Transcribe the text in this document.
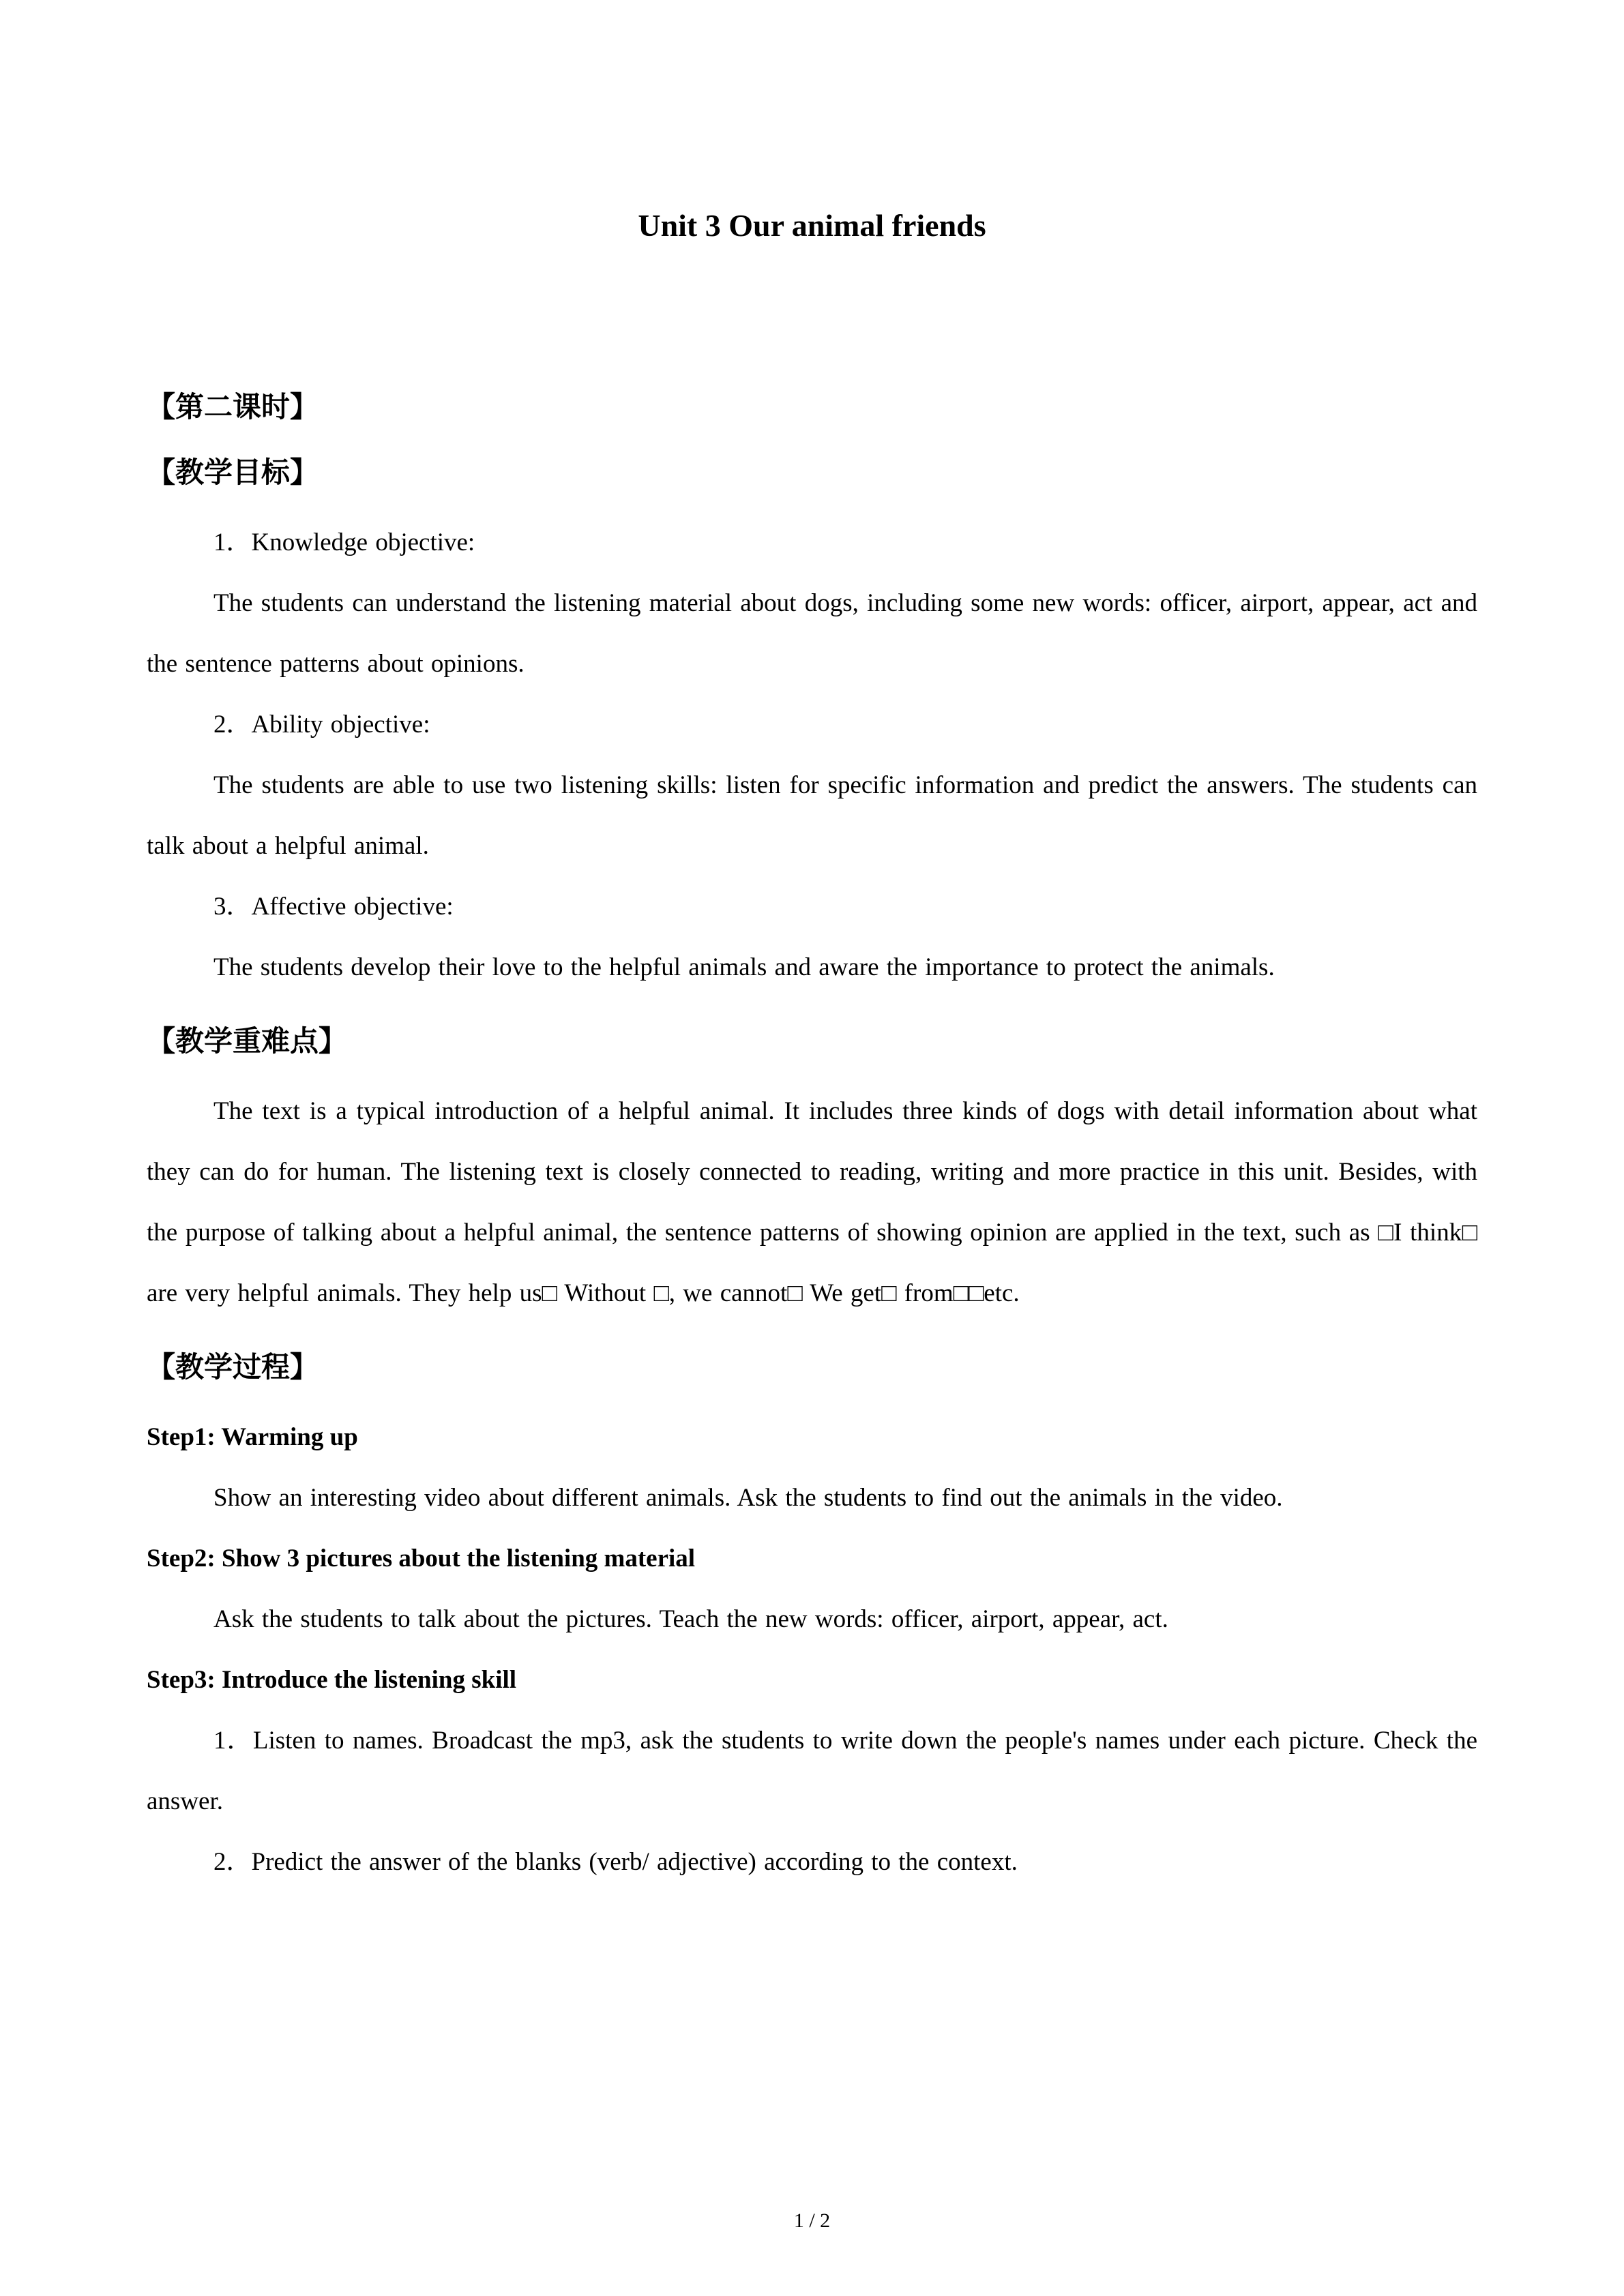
Unit 3 Our animal friends
【第二课时】
【教学目标】

1．Knowledge objective:

The students can understand the listening material about dogs, including some new words: officer, airport, appear, act and the sentence patterns about opinions.

2．Ability objective:

The students are able to use two listening skills: listen for specific information and predict the answers. The students can talk about a helpful animal.

3．Affective objective:

The students develop their love to the helpful animals and aware the importance to protect the animals.

【教学重难点】

The text is a typical introduction of a helpful animal. It includes three kinds of dogs with detail information about what they can do for human. The listening text is closely connected to reading, writing and more practice in this unit. Besides, with the purpose of talking about a helpful animal, the sentence patterns of showing opinion are applied in the text, such as □I think□ are very helpful animals. They help us□ Without □, we cannot□ We get□ from□□etc.

【教学过程】

Step1: Warming up

Show an interesting video about different animals. Ask the students to find out the animals in the video.

Step2: Show 3 pictures about the listening material

Ask the students to talk about the pictures. Teach the new words: officer, airport, appear, act.

Step3: Introduce the listening skill

1．Listen to names. Broadcast the mp3, ask the students to write down the people's names under each picture. Check the answer.

2．Predict the answer of the blanks (verb/ adjective) according to the context.

1 / 2
